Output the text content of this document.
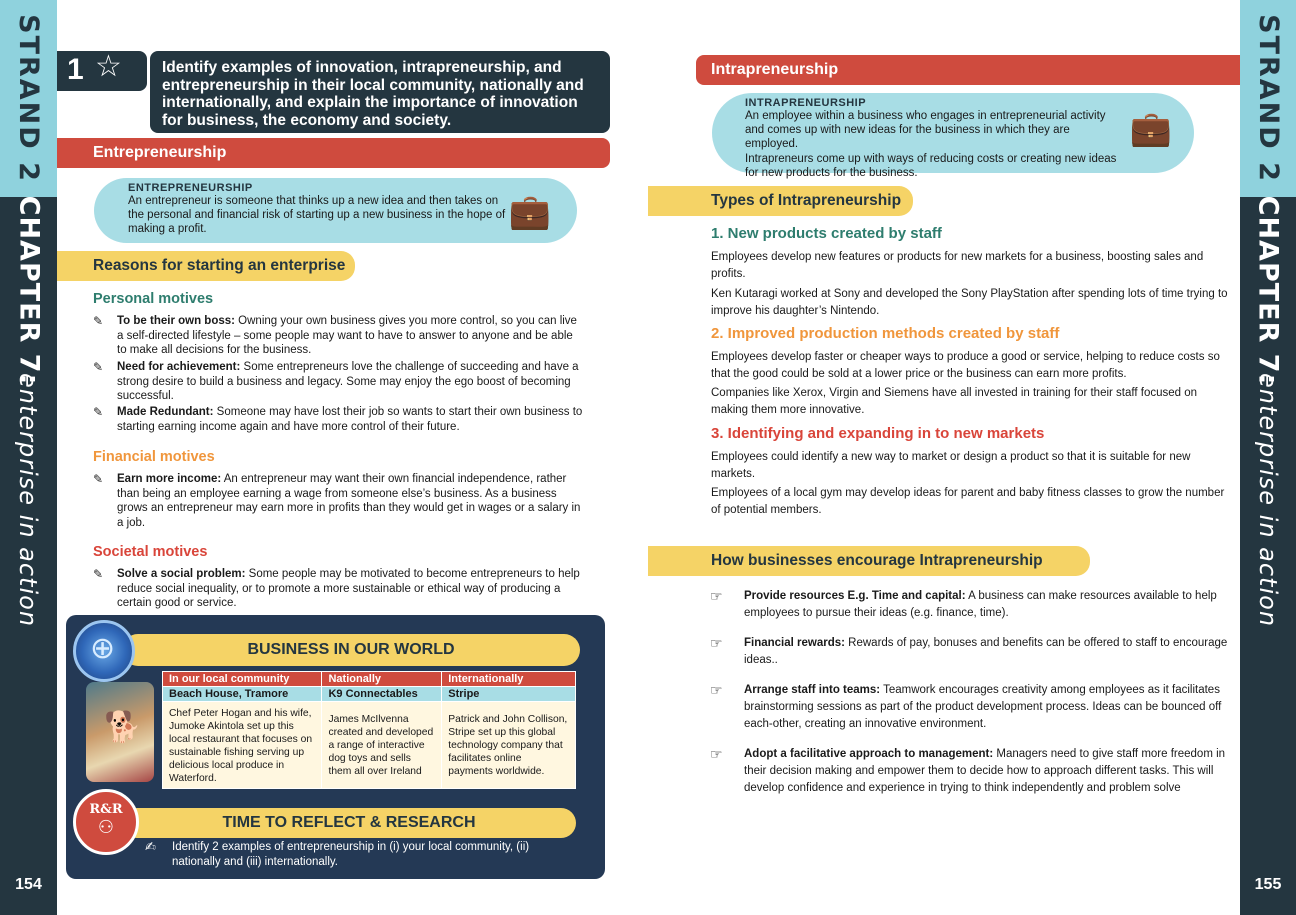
STRAND 2
CHAPTER 7:
enterprise in action
154
STRAND 2
CHAPTER 7:
enterprise in action
155
1 ☆	Identify examples of innovation, intrapreneurship, and entrepreneurship in their local community, nationally and internationally, and explain the importance of innovation for business, the economy and society.
Entrepreneurship
ENTREPRENEURSHIP
An entrepreneur is someone that thinks up a new idea and then takes on the personal and financial risk of starting up a new business in the hope of making a profit.	💼
Reasons for starting an enterprise
Personal motives
✎ To be their own boss: Owning your own business gives you more control, so you can live a self-directed lifestyle – some people may want to have to answer to anyone and be able to make all decisions for the business.
✎ Need for achievement: Some entrepreneurs love the challenge of succeeding and have a strong desire to build a business and legacy. Some may enjoy the ego boost of becoming successful.
✎ Made Redundant: Someone may have lost their job so wants to start their own business to starting earning income again and have more control of their future.
Financial motives
✎ Earn more income: An entrepreneur may want their own financial independence, rather than being an employee earning a wage from someone else’s business. As a business grows an entrepreneur may earn more in profits than they would get in wages or a salary in a job.
Societal motives
✎ Solve a social problem: Some people may be motivated to become entrepreneurs to help reduce social inequality, or to promote a more sustainable or ethical way of producing a certain good or service.
BUSINESS IN OUR WORLD
⊕
🐕
In our local community	Nationally	Internationally
Beach House, Tramore	K9 Connectables	Stripe
Chef Peter Hogan and his wife, Jumoke Akintola set up this local restaurant that focuses on sustainable fishing serving up delicious local produce in Waterford.	James McIlvenna created and developed a range of interactive dog toys and sells them all over Ireland	Patrick and John Collison, Stripe set up this global technology company that facilitates online payments worldwide.
TIME TO REFLECT & RESEARCH
R&R
⚇
✍ Identify 2 examples of entrepreneurship in (i) your local community, (ii) nationally and (iii) internationally.
Intrapreneurship
INTRAPRENEURSHIP
An employee within a business who engages in entrepreneurial activity and comes up with new ideas for the business in which they are employed.
Intrapreneurs come up with ways of reducing costs or creating new ideas for new products for the business.
💼
Types of Intrapreneurship
1. New products created by staff
Employees develop new features or products for new markets for a business, boosting sales and profits.
Ken Kutaragi worked at Sony and developed the Sony PlayStation after spending lots of time trying to improve his daughter’s Nintendo.
2. Improved production methods created by staff
Employees develop faster or cheaper ways to produce a good or service, helping to reduce costs so that the good could be sold at a lower price or the business can earn more profits.
Companies like Xerox, Virgin and Siemens have all invested in training for their staff focused on making them more innovative.
3. Identifying and expanding in to new markets
Employees could identify a new way to market or design a product so that it is suitable for new markets.
Employees of a local gym may develop ideas for parent and baby fitness classes to grow the number of potential members.
How businesses encourage Intrapreneurship
☞ Provide resources E.g. Time and capital: A business can make resources available to help employees to pursue their ideas (e.g. finance, time).
☞ Financial rewards: Rewards of pay, bonuses and benefits can be offered to staff to encourage ideas..
☞ Arrange staff into teams: Teamwork encourages creativity among employees as it facilitates brainstorming sessions as part of the product development process. Ideas can be bounced off each-other, creating an innovative environment.
☞ Adopt a facilitative approach to management: Managers need to give staff more freedom in their decision making and empower them to decide how to approach different tasks. This will develop confidence and experience in trying to think independently and problem solve
